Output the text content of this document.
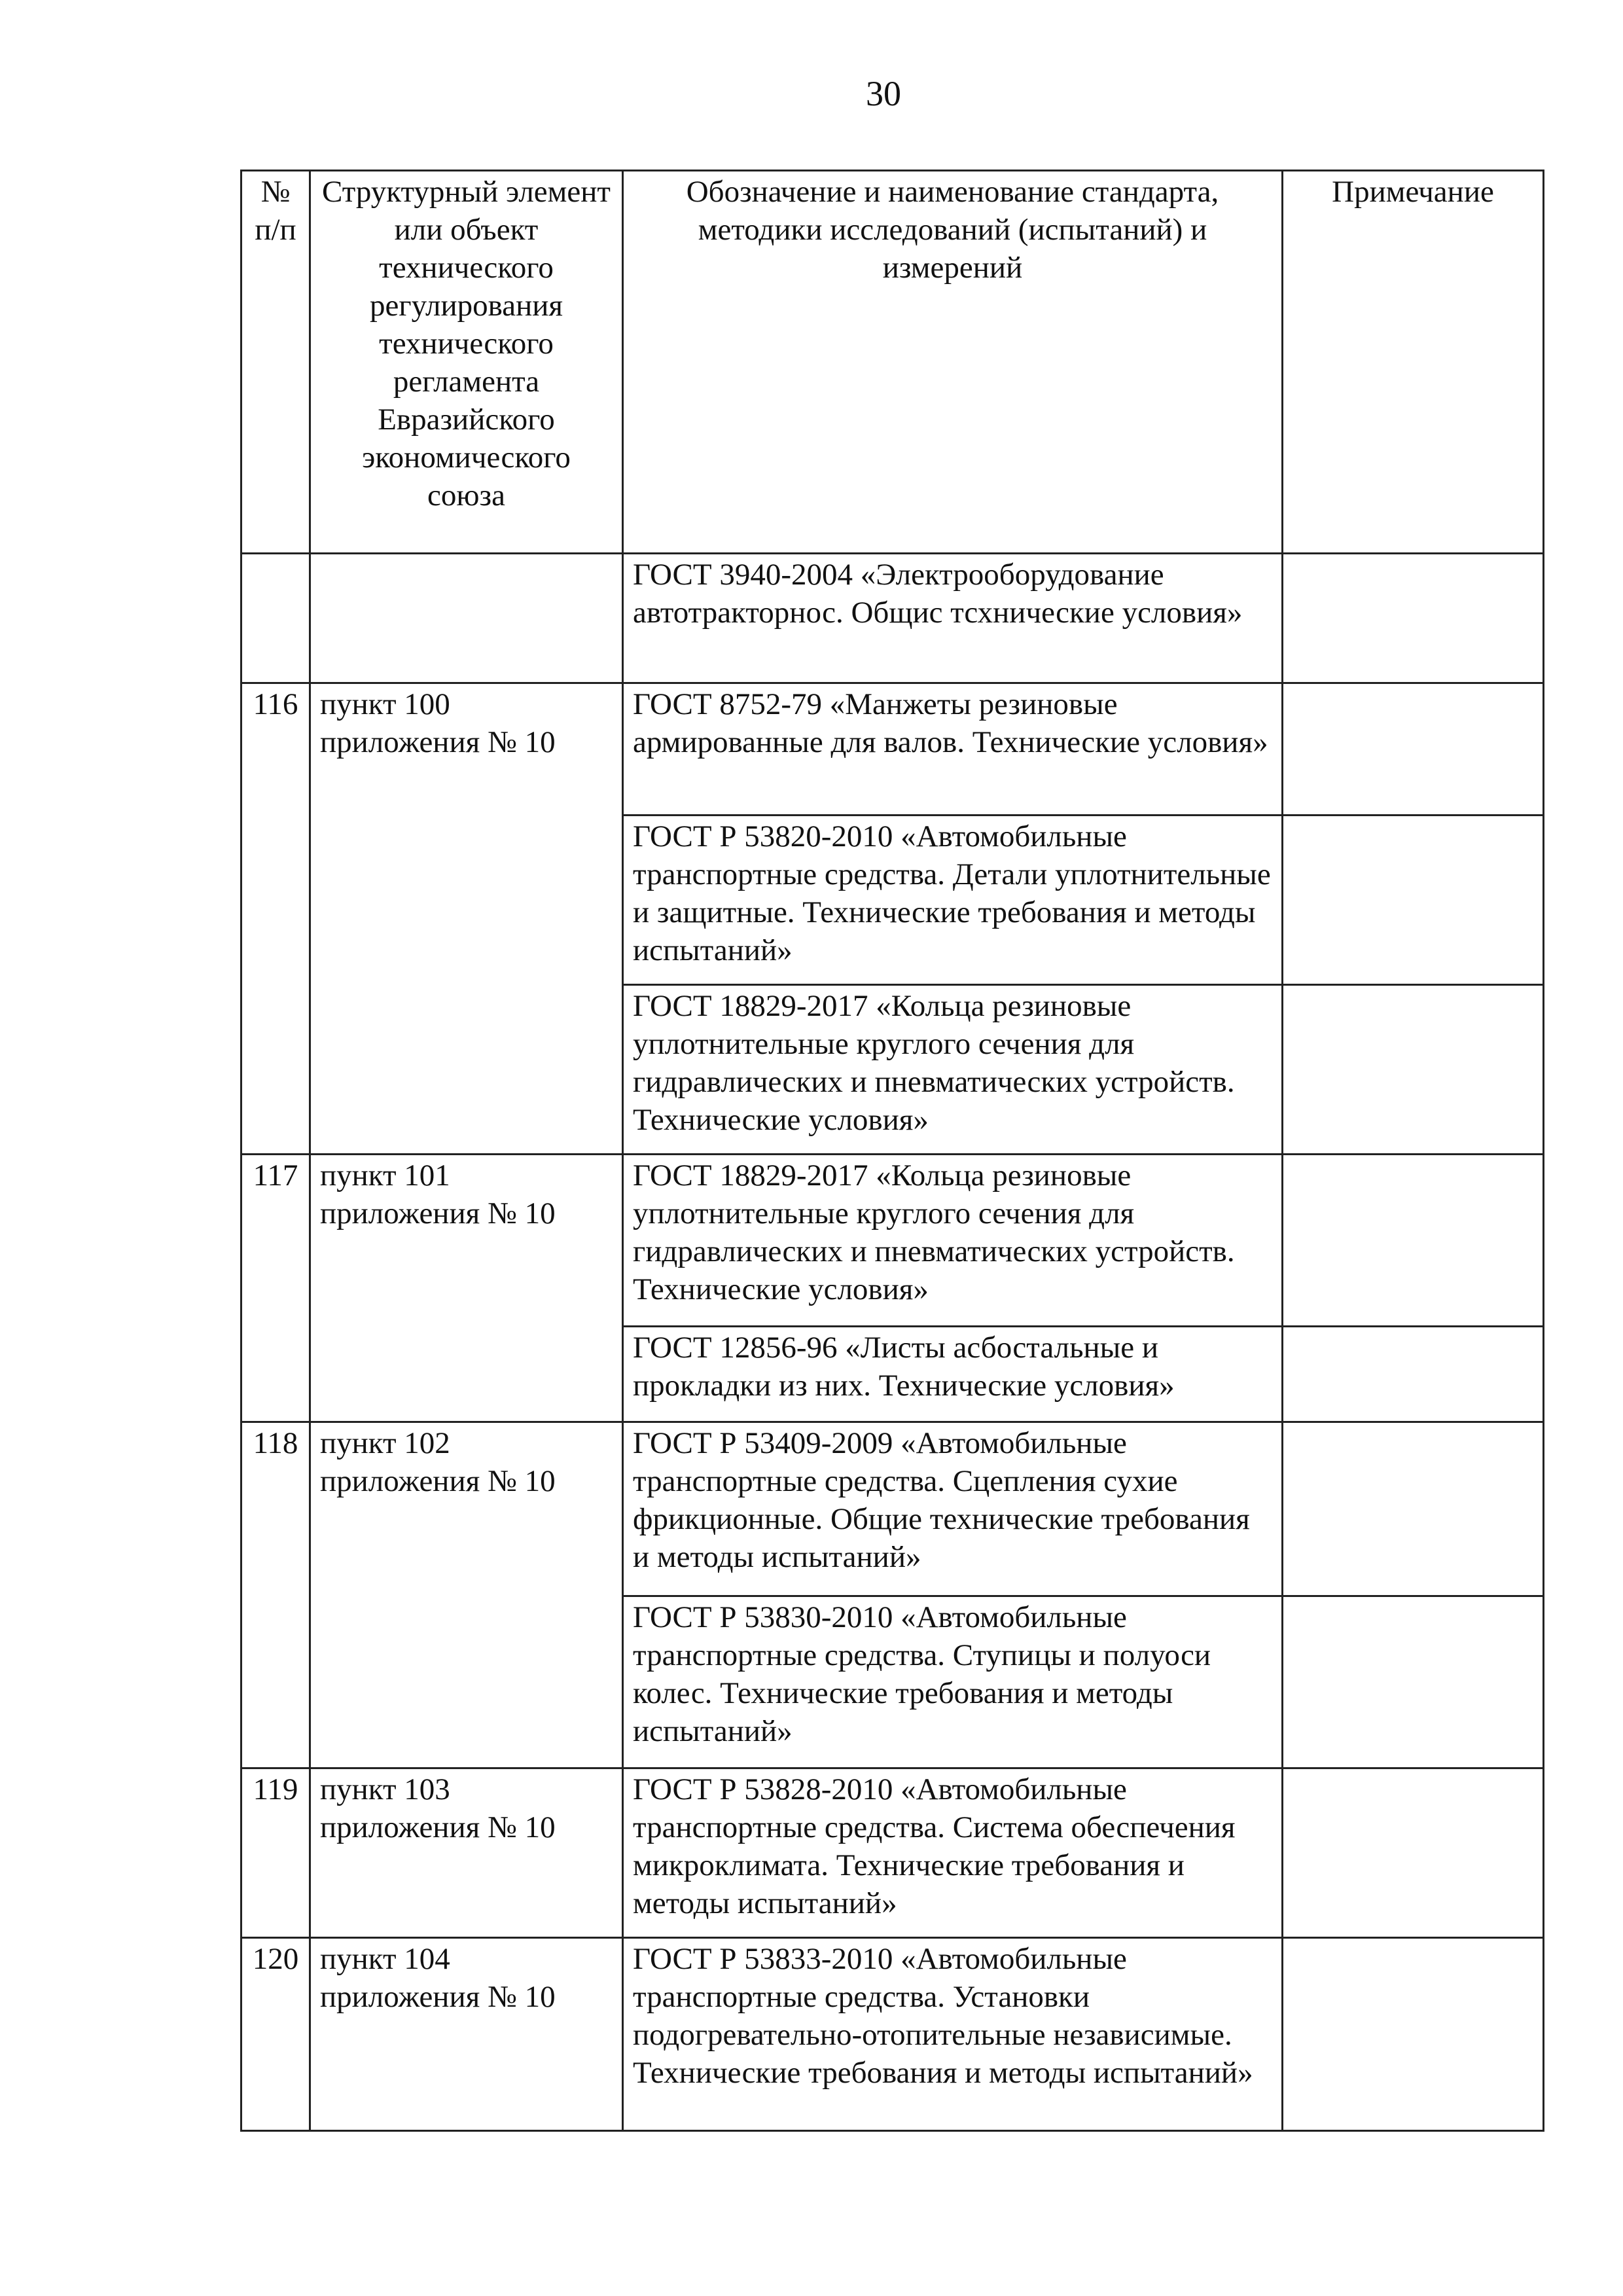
30
№ п/п	Структурный элемент или объект технического регулирования технического регламента Евразийского экономического союза	Обозначение и наименование стандарта, методики исследований (испытаний) и измерений	Примечание
		ГОСТ 3940-2004 «Электрооборудование автотракторнос. Общис тсхнические условия»	
116	пункт 100 приложения № 10	ГОСТ 8752-79 «Манжеты резиновые армированные для валов. Технические условия»	
		ГОСТ Р 53820-2010 «Автомобильные транспортные средства. Детали уплотнительные и защитные. Технические требования и методы испытаний»	
		ГОСТ 18829-2017 «Кольца резиновые уплотнительные круглого сечения для гидравлических и пневматических устройств. Технические условия»	
117	пункт 101 приложения № 10	ГОСТ 18829-2017 «Кольца резиновые уплотнительные круглого сечения для гидравлических и пневматических устройств. Технические условия»	
		ГОСТ 12856-96 «Листы асбостальные и прокладки из них. Технические условия»	
118	пункт 102 приложения № 10	ГОСТ Р 53409-2009 «Автомобильные транспортные средства. Сцепления сухие фрикционные. Общие технические требования и методы испытаний»	
		ГОСТ Р 53830-2010 «Автомобильные транспортные средства. Ступицы и полуоси колес. Технические требования и методы испытаний»	
119	пункт 103 приложения № 10	ГОСТ Р 53828-2010 «Автомобильные транспортные средства. Система обеспечения микроклимата. Технические требования и методы испытаний»	
120	пункт 104 приложения № 10	ГОСТ Р 53833-2010 «Автомобильные транспортные средства. Установки подогревательно-отопительные независимые. Технические требования и методы испытаний»	
